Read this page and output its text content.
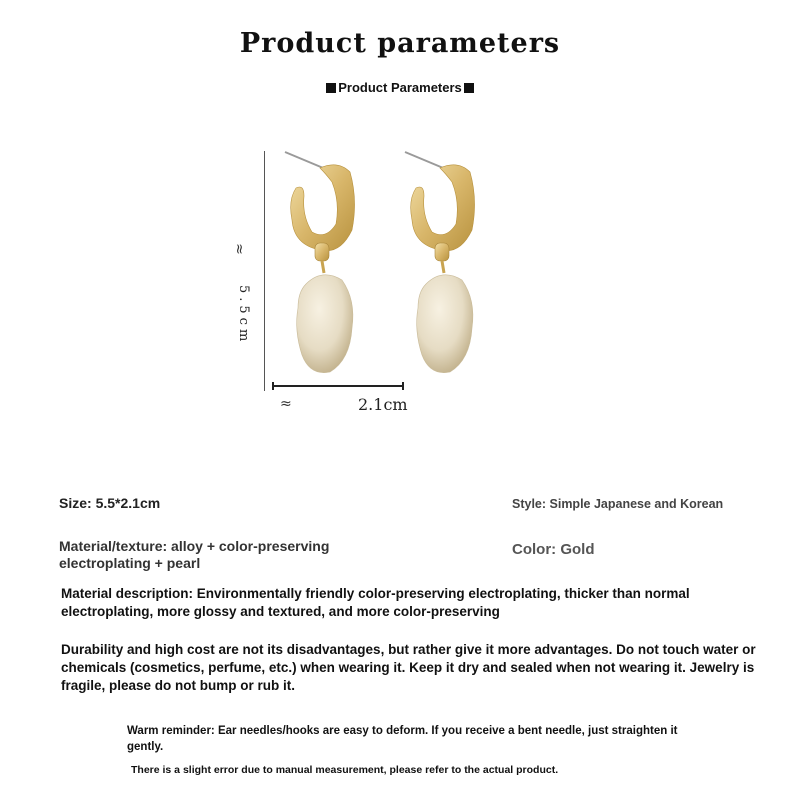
Product parameters
Product Parameters
≈
5.5cm
≈	2.1cm
Size: 5.5*2.1cm	Style: Simple Japanese and Korean
Material/texture: alloy + color-preserving electroplating + pearl
Color: Gold
Material description: Environmentally friendly color-preserving electroplating, thicker than normal electroplating, more glossy and textured, and more color-preserving
Durability and high cost are not its disadvantages, but rather give it more advantages. Do not touch water or chemicals (cosmetics, perfume, etc.) when wearing it. Keep it dry and sealed when not wearing it. Jewelry is fragile, please do not bump or rub it.
Warm reminder: Ear needles/hooks are easy to deform. If you receive a bent needle, just straighten it gently.
There is a slight error due to manual measurement, please refer to the actual product.
